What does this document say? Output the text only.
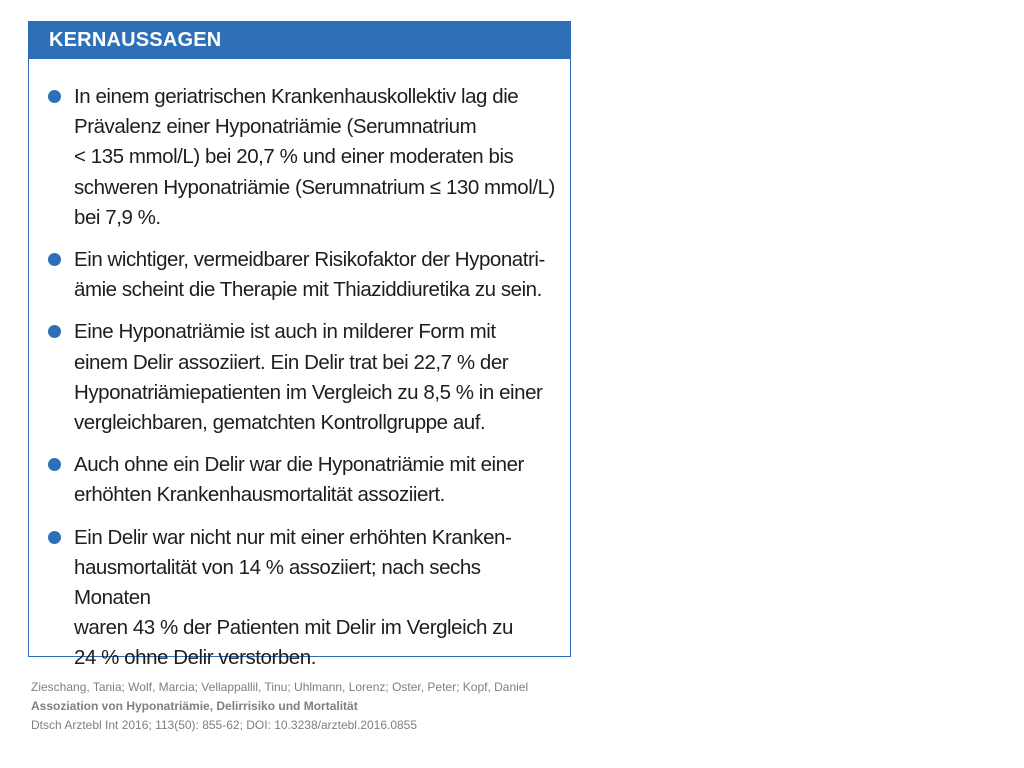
KERNAUSSAGEN
In einem geriatrischen Krankenhauskollektiv lag die
Prävalenz einer Hyponatriämie (Serumnatrium
< 135 mmol/L) bei 20,7 % und einer moderaten bis
schweren Hyponatriämie (Serumnatrium ≤ 130 mmol/L)
bei 7,9 %.
Ein wichtiger, vermeidbarer Risikofaktor der Hyponatri-
ämie scheint die Therapie mit Thiaziddiuretika zu sein.
Eine Hyponatriämie ist auch in milderer Form mit
einem Delir assoziiert. Ein Delir trat bei 22,7 % der
Hyponatriämiepatienten im Vergleich zu 8,5 % in einer
vergleichbaren, gematchten Kontrollgruppe auf.
Auch ohne ein Delir war die Hyponatriämie mit einer
erhöhten Krankenhausmortalität assoziiert.
Ein Delir war nicht nur mit einer erhöhten Kranken-
hausmortalität von 14 % assoziiert; nach sechs Monaten
waren 43 % der Patienten mit Delir im Vergleich zu
24 % ohne Delir verstorben.
Zieschang, Tania; Wolf, Marcia; Vellappallil, Tinu; Uhlmann, Lorenz; Oster, Peter; Kopf, Daniel
Assoziation von Hyponatriämie, Delirrisiko und Mortalität
Dtsch Arztebl Int 2016; 113(50): 855-62; DOI: 10.3238/arztebl.2016.0855
